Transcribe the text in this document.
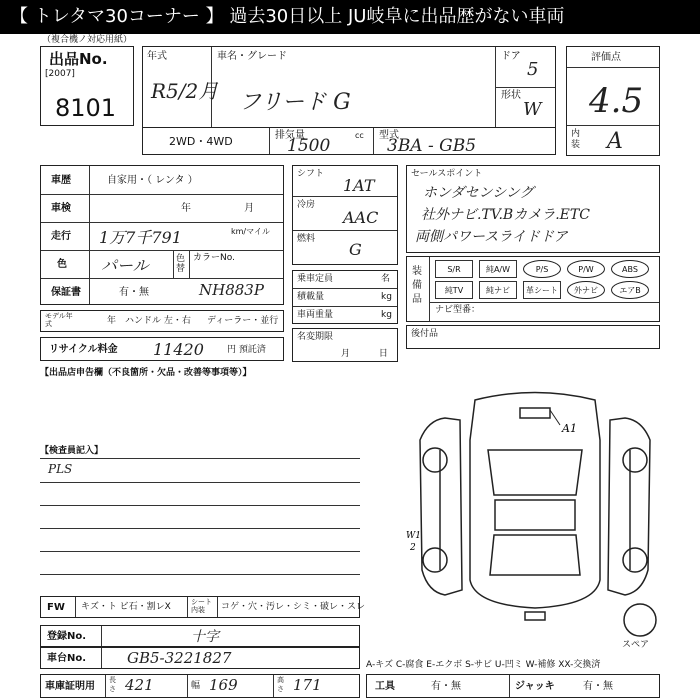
【 トレタマ30コーナー 】 過去30日以上 JU岐阜に出品歴がない車両
（複合機ノ対応用紙）
出品No.
[2007]
8101
年式
R5/2月
車名・グレード
フリード G
ドア
5
形状
W
2WD・4WD	排気量	cc
1500
型式
3BA - GB5
評価点
4.5
内装 A
車歴	自家用・（ レンタ ）
車検	年 月
走行 1万7千791	km/マイル
色 パール	色替
カラーNo.
保証書	有・無	NH883P
モデル年式	年 ハンドル 左・右 ディーラー・並行
リサイクル料金 11420	円 預託済
シフト
1AT
冷房
AAC
燃料
G
乗車定員	名
積載量	kg
車両重量	kg
名変期限
月 日
セールスポイント
ホンダセンシング
社外ナビ.TV.Bカメラ.ETC
両側パワースライドドア
装備品
S/R	純A/W	P/S	P/W	ABS
純TV	純ナビ	革シート	外ナビ	エアB
ナビ型番：
後付品
【出品店申告欄（不良箇所・欠品・改善等事項等）】
【検査員記入】
PLS
A1
W1
2
スペア
FW キズ・ト ビ石・割レX	シート内装	コゲ・穴・汚レ・シミ・破レ・スレ
登録No.	十字
車台No.	GB5-3221827	A-キズ C-腐食 E-エクボ S-サビ U-凹ミ W-補修 XX-交換済
車庫証明用
長さ 421	幅 169	高さ 171	工具	有・無	ジャッキ	有・無
